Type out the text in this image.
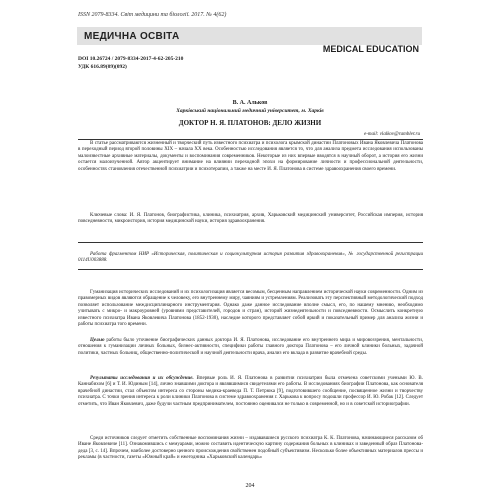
ISSN 2079-8334. Світ медицини та біології. 2017. № 4(62)
МЕДИЧНА ОСВІТА
MEDICAL EDUCATION
DOI 10.26724 / 2079-8334-2017-4-62-205-210
УДК 616.89(09)(092)
В. А. Альков
Харківський національний медичний університет, м. Харків
ДОКТОР Н. Я. ПЛАТОНОВ: ДЕЛО ЖИЗНИ
e-mail: vlalkov@rambler.ru
В статье рассматриваются жизненный и творческий путь известного психиатра и психолога крымской династии Платоновых Ивана Яковлевича Платонова в переходный период второй половины XIX – начала XX века. Особенностью исследования является то, что для анализа предмета исследования использованы малоизвестные архивные материалы, документы и воспоминания современников. Некоторые из них впервые вводятся в научный оборот, а история его жизни остается малоизученной. Автор акцентирует внимание на влиянии переходной эпохи на формирование личности и профессиональной деятельности, особенностях становления отечественной психиатрии и психотерапии, а также на месте И. Я. Платонова в системе здравоохранения своего времени.
Ключевые слова: И. Я. Платонов, биографистика, клиника, психиатрия, архив, Харьковский медицинский университет, Российская империя, история повседневности, микроистория, история медицинской науки, история здравоохранения.
Работа фрагментом НИР «Историческая, политическая и социокультурная история развития здравоохранения», № государственной регистрации 0114U003888.
Гуманизация исторических исследований и их психологизация является весомым, бесценным направлением исторической науки современности. Одним из правомерных видов являются обращение к человеку, его внутреннему миру, чаяниям и устремлениям. Реализовать эту перспективный методологический подход позволяет использование междисциплинарного инструментария. Однако даже данное исследование вполне смысл, его, по нашему мнению, необходимо учитывать с микро- и макроуровней (уровнями представителей, городов и стран), историй жизнедеятельности и повседневности. Осмыслить конкретную известного психиатра Ивана Яковлевича Платонова (1852-1930), наследие которого представляет собой яркий и показательный пример для анализа жизни и работы психиатра того времени.
Целью работы было уточнение биографических данных доктора И. Я. Платонова, исследование его внутреннего мира и мировоззрения, ментальности, отношения к гуманизации личных больных, бизнес-активности, специфики работы главного доктора Платонова – его личной клиники больных, задачной политики, частных больниц, общественно-политической и научной деятельности врача, анализ его вклада в развитие врачебной среды.
Результаты исследования и их обсуждение. Впервые роль И. Я. Платонова в развитии психиатрии была отмечена советскими учеными Ю. В. Каннабихом [6] и Т. И. Юдиным [14], лично знавшими доктора и являвшимися свидетелями его работы. В исследованиях биографии Платонова, как основателя врачебной династии, стал объектом интереса со стороны медика-краеведа П. Т. Петрюка [9], подготовившего сообщение, посвященное жизни и творчеству психиатра. С точки зрения интереса к роли клиники Платонова в системе здравоохранения г. Харькова к вопросу подошли профессор И. Ю. Робак [12]. Следует отметить, что Иван Яковлевич, даже будучи частным предпринимателем, постоянно оценивался не только в современной, но и в советской историографии.
Среди источников следует отметить собственные воспоминания жизни – издававшиеся русского психиатра К. К. Платонова, начинающиеся рассказом об Иване Яковлевиче [11]. Ознакомившись с мемуарами, можно составить идентическую картину содержания больных в клиниках и заведенный образ Платонова-деда [3, с. 14]. Впрочем, наиболее достоверно ценного происхождения свойственен подобный субъективизм. Несколько более объективных материалов прессы и рекламы (в частности, газеты «Южный край» и ежегодника «Харьковский календарь»
204
